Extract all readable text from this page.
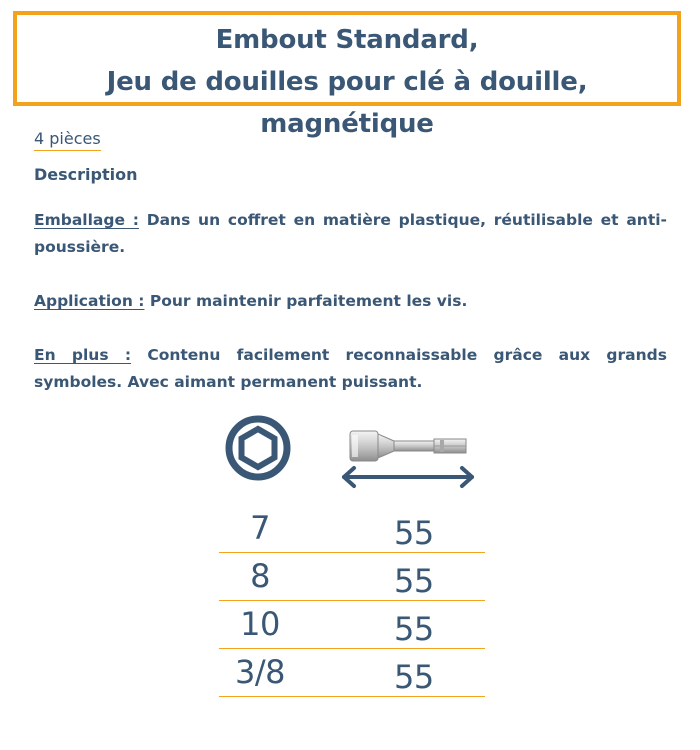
Embout Standard,
Jeu de douilles pour clé à douille, magnétique
4 pièces
Description
Emballage : Dans un coffret en matière plastique, réutilisable et anti-poussière.
Application : Pour maintenir parfaitement les vis.
En plus : Contenu facilement reconnaissable grâce aux grands symboles. Avec aimant permanent puissant.
7	55
8	55
10	55
3/8	55
